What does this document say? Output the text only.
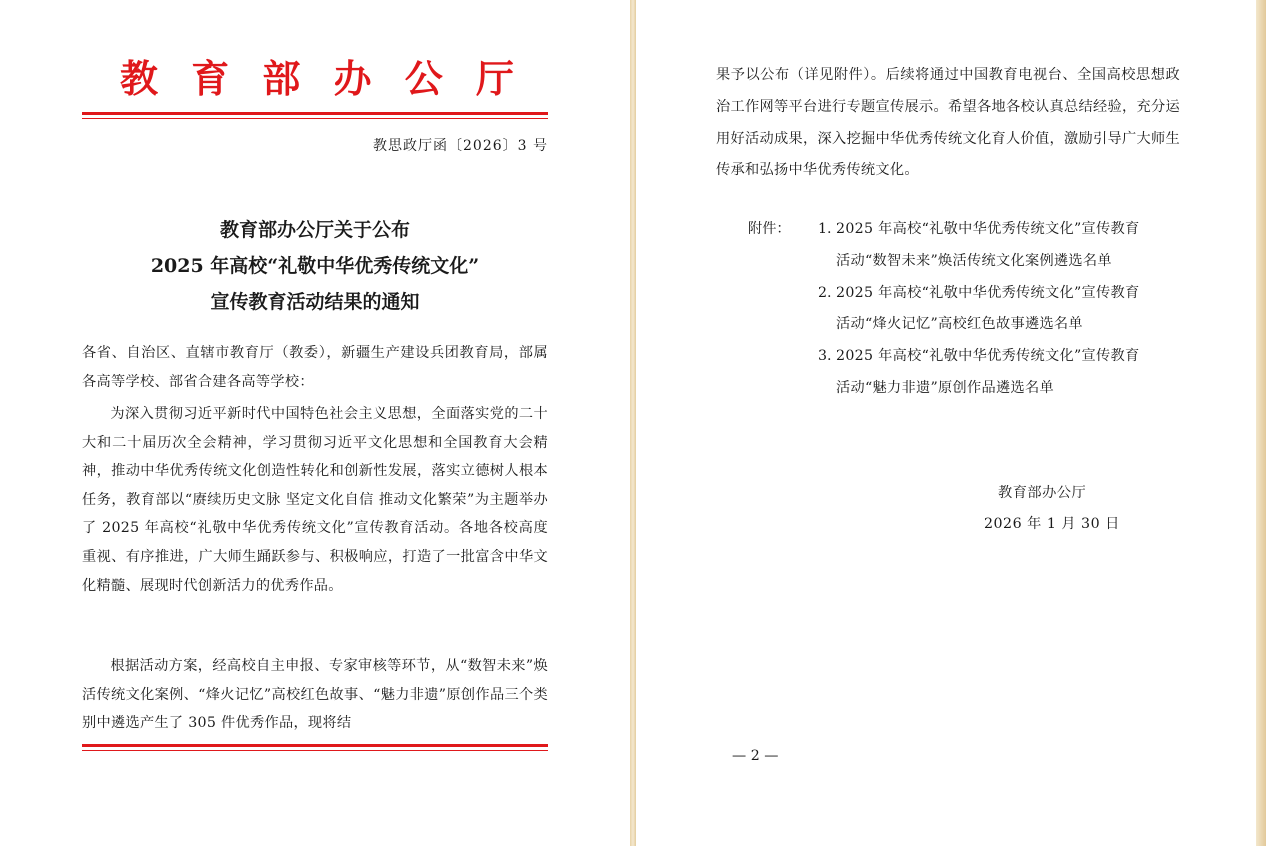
教 育 部 办 公 厅
教思政厅函〔2026〕3 号
教育部办公厅关于公布
2025 年高校“礼敬中华优秀传统文化”
宣传教育活动结果的通知
各省、自治区、直辖市教育厅（教委），新疆生产建设兵团教育局，部属各高等学校、部省合建各高等学校：
为深入贯彻习近平新时代中国特色社会主义思想，全面落实党的二十大和二十届历次全会精神，学习贯彻习近平文化思想和全国教育大会精神，推动中华优秀传统文化创造性转化和创新性发展，落实立德树人根本任务，教育部以“赓续历史文脉 坚定文化自信 推动文化繁荣”为主题举办了 2025 年高校“礼敬中华优秀传统文化”宣传教育活动。各地各校高度重视、有序推进，广大师生踊跃参与、积极响应，打造了一批富含中华文化精髓、展现时代创新活力的优秀作品。
根据活动方案，经高校自主申报、专家审核等环节，从“数智未来”焕活传统文化案例、“烽火记忆”高校红色故事、“魅力非遗”原创作品三个类别中遴选产生了 305 件优秀作品，现将结
果予以公布（详见附件）。后续将通过中国教育电视台、全国高校思想政治工作网等平台进行专题宣传展示。希望各地各校认真总结经验，充分运用好活动成果，深入挖掘中华优秀传统文化育人价值，激励引导广大师生传承和弘扬中华优秀传统文化。
附件：	1. 2025 年高校“礼敬中华优秀传统文化”宣传教育
活动“数智未来”焕活传统文化案例遴选名单
2. 2025 年高校“礼敬中华优秀传统文化”宣传教育
活动“烽火记忆”高校红色故事遴选名单
3. 2025 年高校“礼敬中华优秀传统文化”宣传教育
活动“魅力非遗”原创作品遴选名单
教育部办公厅
2026 年 1 月 30 日
— 2 —
